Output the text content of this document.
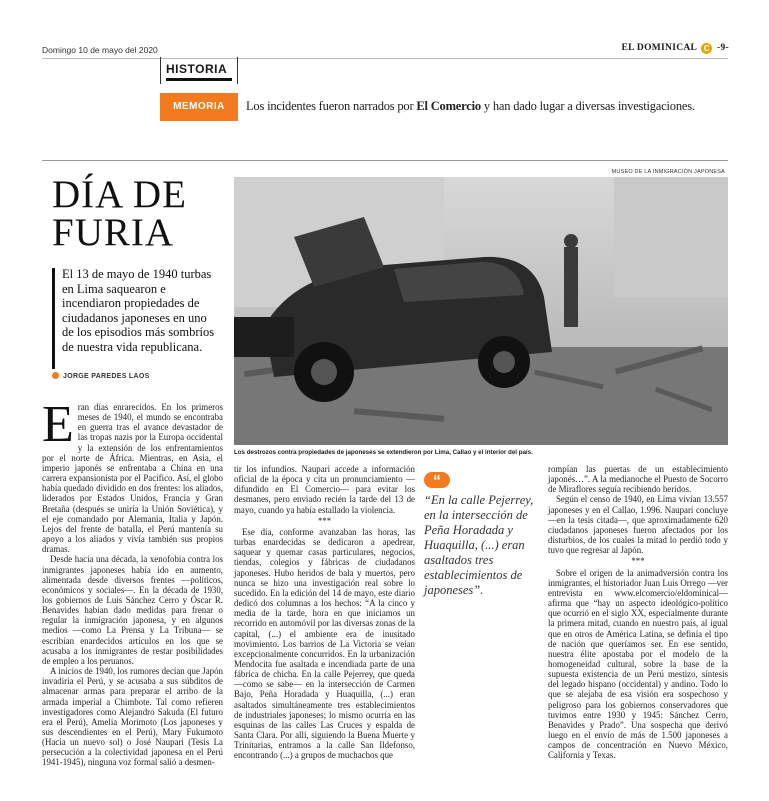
Domingo 10 de mayo del 2020	EL DOMINICAL C -9-
HISTORIA
MEMORIA	Los incidentes fueron narrados por El Comercio y han dado lugar a diversas investigaciones.
DÍA DE
FURIA
El 13 de mayo de 1940 turbas en Lima saquearon e incendiaron propiedades de ciudadanos japoneses en uno de los episodios más sombríos de nuestra vida republicana.
JORGE PAREDES LAOS
MUSEO DE LA INMIGRACIÓN JAPONESA
Los destrozos contra propiedades de japoneses se extendieron por Lima, Callao y el interior del país.
E ran días enrarecidos. En los primeros meses de 1940, el mundo se encontraba en guerra tras el avance devastador de las tropas nazis por la Europa occidental y la extensión de los enfrentamientos por el norte de África. Mientras, en Asia, el imperio japonés se enfrentaba a China en una carrera expansionista por el Pacífico. Así, el globo había quedado dividido en dos frentes: los aliados, liderados por Estados Unidos, Francia y Gran Bretaña (después se uniría la Unión Soviética), y el eje comandado por Alemania, Italia y Japón. Lejos del frente de batalla, el Perú mantenía su apoyo a los aliados y vivía también sus propios dramas.

Desde hacía una década, la xenofobia contra los inmigrantes japoneses había ido en aumento, alimentada desde diversos frentes —políticos, económicos y sociales—. En la década de 1930, los gobiernos de Luis Sánchez Cerro y Óscar R. Benavides habían dado medidas para frenar o regular la inmigración japonesa, y en algunos medios —como La Prensa y La Tribuna— se escribían enardecidos artículos en los que se acusaba a los inmigrantes de restar posibilidades de empleo a los peruanos.

A inicios de 1940, los rumores decían que Japón invadiría el Perú, y se acusaba a sus súbditos de almacenar armas para preparar el arribo de la armada imperial a Chimbote. Tal como refieren investigadores como Alejandro Sakuda (El futuro era el Perú), Amelia Morimoto (Los japoneses y sus descendientes en el Perú), Mary Fukumoto (Hacia un nuevo sol) o José Naupari (Tesis La persecución a la colectividad japonesa en el Perú 1941-1945), ninguna voz formal salió a desmen-

tir los infundios. Naupari accede a información oficial de la época y cita un pronunciamiento —difundido en El Comercio— para evitar los desmanes, pero enviado recién la tarde del 13 de mayo, cuando ya había estallado la violencia.

***

Ese día, conforme avanzaban las horas, las turbas enardecidas se dedicaron a apedrear, saquear y quemar casas particulares, negocios, tiendas, colegios y fábricas de ciudadanos japoneses. Hubo heridos de bala y muertos, pero nunca se hizo una investigación real sobre lo sucedido. En la edición del 14 de mayo, este diario dedicó dos columnas a los hechos: “A la cinco y media de la tarde, hora en que iniciamos un recorrido en automóvil por las diversas zonas de la capital, (...) el ambiente era de inusitado movimiento. Los barrios de La Victoria se veían excepcionalmente concurridos. En la urbanización Mendocita fue asaltada e incendiada parte de una fábrica de chicha. En la calle Pejerrey, que queda —como se sabe— en la intersección de Carmen Bajo, Peña Horadada y Huaquilla, (...) eran asaltados simultáneamente tres establecimientos de industriales japoneses; lo mismo ocurría en las esquinas de las calles Las Cruces y espalda de Santa Clara. Por allí, siguiendo la Buena Muerte y Trinitarias, entramos a la calle San Ildefonso, encontrando (...) a grupos de muchachos que

“
“En la calle Pejerrey, en la intersección de Peña Horadada y Huaquilla, (...) eran asaltados tres establecimientos de japoneses”.

rompían las puertas de un establecimiento japonés…”. A la medianoche el Puesto de Socorro de Miraflores seguía recibiendo heridos.

Según el censo de 1940, en Lima vivían 13.557 japoneses y en el Callao, 1.996. Naupari concluye —en la tesis citada—, que aproximadamente 620 ciudadanos japoneses fueron afectados por los disturbios, de los cuales la mitad lo perdió todo y tuvo que regresar al Japón.

***

Sobre el origen de la animadversión contra los inmigrantes, el historiador Juan Luis Orrego —ver entrevista en www.elcomercio/eldominical— afirma que “hay un aspecto ideológico-político que ocurrió en el siglo XX, especialmente durante la primera mitad, cuando en nuestro país, al igual que en otros de América Latina, se definía el tipo de nación que queríamos ser. En ese sentido, nuestra élite apostaba por el modelo de la homogeneidad cultural, sobre la base de la supuesta existencia de un Perú mestizo, síntesis del legado hispano (occidental) y andino. Todo lo que se alejaba de esa visión era sospechoso y peligroso para los gobiernos conservadores que tuvimos entre 1930 y 1945: Sánchez Cerro, Benavides y Prado”. Una sospecha que derivó luego en el envío de más de 1.500 japoneses a campos de concentración en Nuevo México, California y Texas.
